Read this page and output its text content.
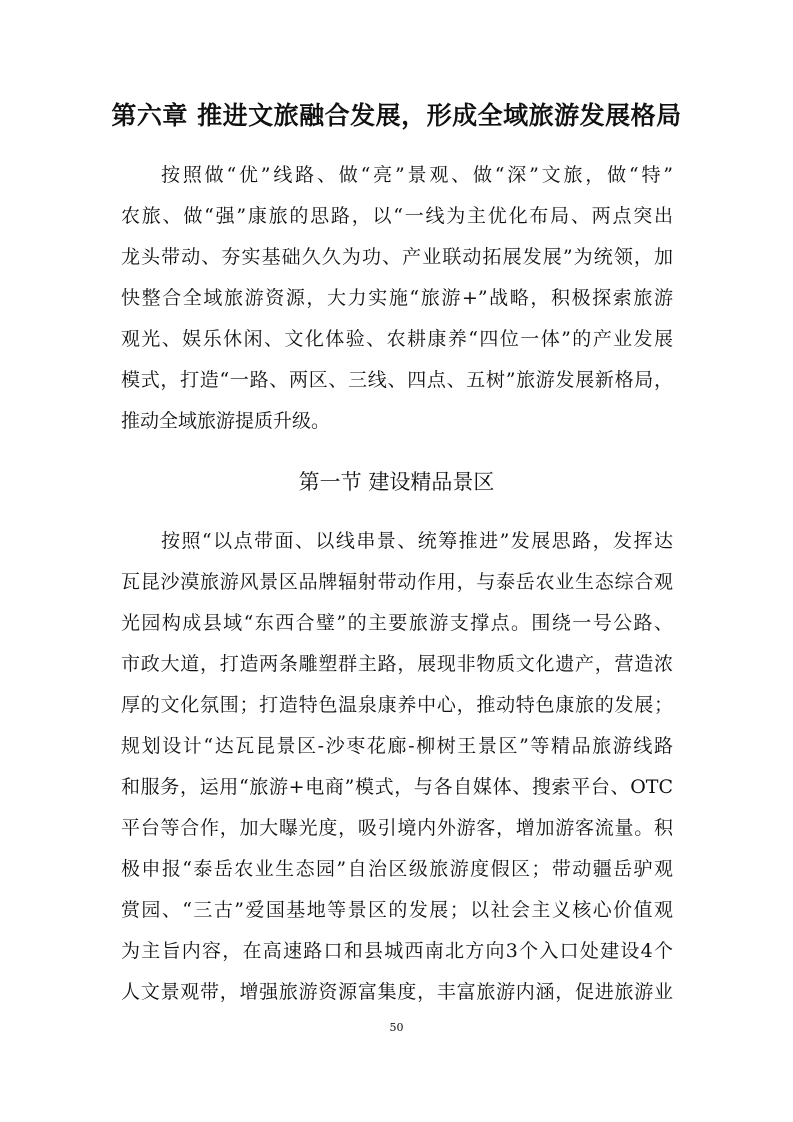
第六章 推进文旅融合发展，形成全域旅游发展格局
按照做“优”线路、做“亮”景观、做“深”文旅，做“特”
农旅、做“强”康旅的思路，以“一线为主优化布局、两点突出
龙头带动、夯实基础久久为功、产业联动拓展发展”为统领，加
快整合全域旅游资源，大力实施“旅游+”战略，积极探索旅游
观光、娱乐休闲、文化体验、农耕康养“四位一体”的产业发展
模式，打造“一路、两区、三线、四点、五树”旅游发展新格局，
推动全域旅游提质升级。
第一节 建设精品景区
按照“以点带面、以线串景、统筹推进”发展思路，发挥达
瓦昆沙漠旅游风景区品牌辐射带动作用，与泰岳农业生态综合观
光园构成县域“东西合璧”的主要旅游支撑点。围绕一号公路、
市政大道，打造两条雕塑群主路，展现非物质文化遗产，营造浓
厚的文化氛围；打造特色温泉康养中心，推动特色康旅的发展；
规划设计“达瓦昆景区-沙枣花廊-柳树王景区”等精品旅游线路
和服务，运用“旅游+电商”模式，与各自媒体、搜索平台、OTC
平台等合作，加大曝光度，吸引境内外游客，增加游客流量。积
极申报“泰岳农业生态园”自治区级旅游度假区；带动疆岳驴观
赏园、“三古”爱国基地等景区的发展；以社会主义核心价值观
为主旨内容，在高速路口和县城西南北方向3个入口处建设4个
人文景观带，增强旅游资源富集度，丰富旅游内涵，促进旅游业
50
